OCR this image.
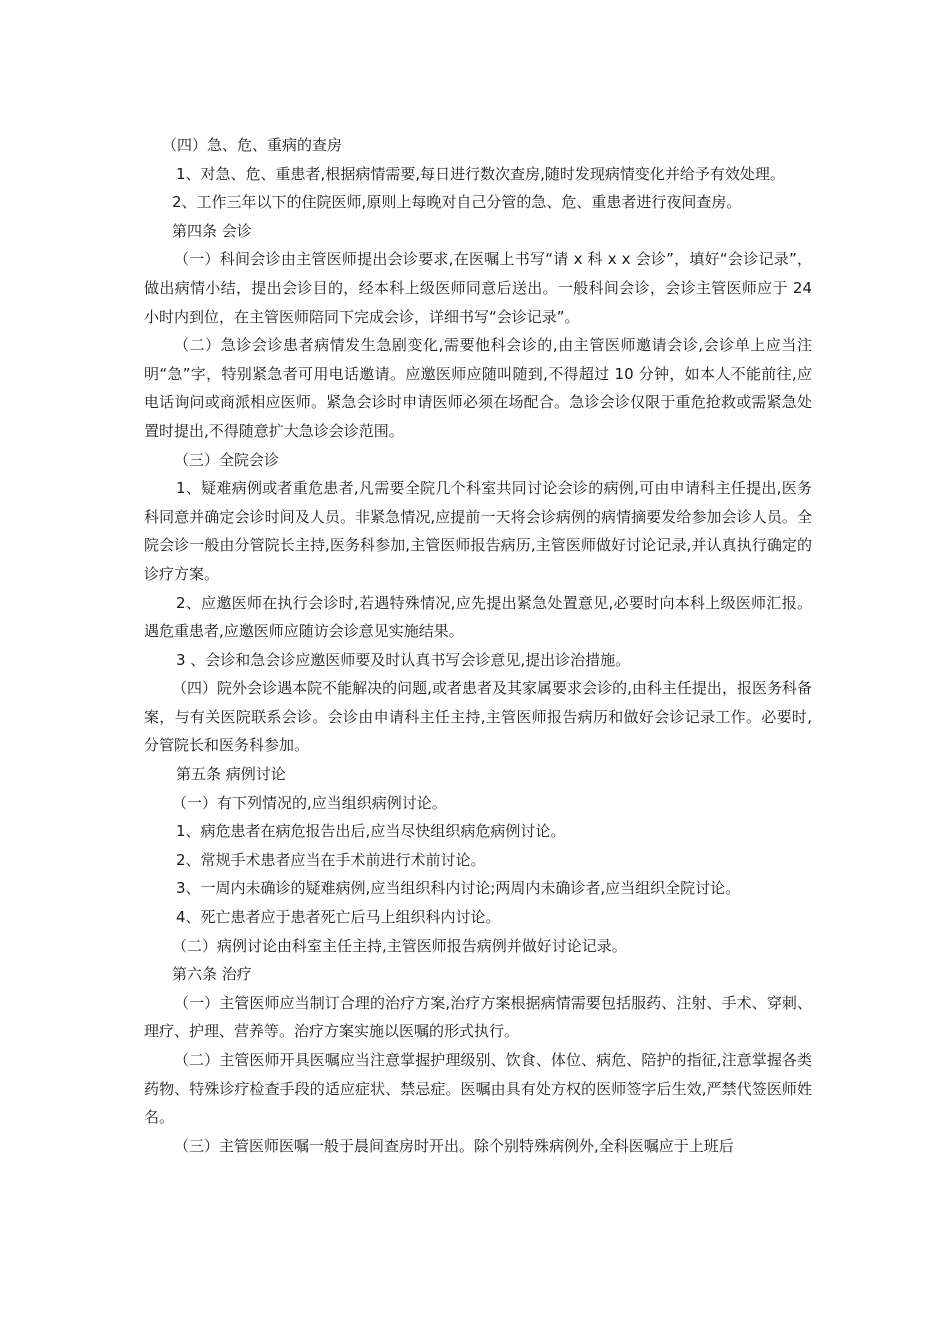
（四）急、危、重病的查房

1、对急、危、重患者,根据病情需要,每日进行数次查房,随时发现病情变化并给予有效处理。

2、工作三年以下的住院医师,原则上每晚对自己分管的急、危、重患者进行夜间查房。

第四条 会诊

（一）科间会诊由主管医师提出会诊要求,在医嘱上书写“请 x 科 x x 会诊”，填好“会诊记录”，做出病情小结，提出会诊目的，经本科上级医师同意后送出。一般科间会诊，会诊主管医师应于 24 小时内到位，在主管医师陪同下完成会诊，详细书写“会诊记录”。

（二）急诊会诊患者病情发生急剧变化,需要他科会诊的,由主管医师邀请会诊,会诊单上应当注明“急”字，特别紧急者可用电话邀请。应邀医师应随叫随到,不得超过 10 分钟，如本人不能前往,应电话询问或商派相应医师。紧急会诊时申请医师必须在场配合。急诊会诊仅限于重危抢救或需紧急处置时提出,不得随意扩大急诊会诊范围。

（三）全院会诊

1、疑难病例或者重危患者,凡需要全院几个科室共同讨论会诊的病例,可由申请科主任提出,医务科同意并确定会诊时间及人员。非紧急情况,应提前一天将会诊病例的病情摘要发给参加会诊人员。全院会诊一般由分管院长主持,医务科参加,主管医师报告病历,主管医师做好讨论记录,并认真执行确定的诊疗方案。

2、应邀医师在执行会诊时,若遇特殊情况,应先提出紧急处置意见,必要时向本科上级医师汇报。遇危重患者,应邀医师应随访会诊意见实施结果。

3 、会诊和急会诊应邀医师要及时认真书写会诊意见,提出诊治措施。

（四）院外会诊遇本院不能解决的问题,或者患者及其家属要求会诊的,由科主任提出，报医务科备案，与有关医院联系会诊。会诊由申请科主任主持,主管医师报告病历和做好会诊记录工作。必要时,分管院长和医务科参加。

第五条 病例讨论

（一）有下列情况的,应当组织病例讨论。

1、病危患者在病危报告出后,应当尽快组织病危病例讨论。

2、常规手术患者应当在手术前进行术前讨论。

3、一周内未确诊的疑难病例,应当组织科内讨论;两周内未确诊者,应当组织全院讨论。

4、死亡患者应于患者死亡后马上组织科内讨论。

（二）病例讨论由科室主任主持,主管医师报告病例并做好讨论记录。

第六条 治疗

（一）主管医师应当制订合理的治疗方案,治疗方案根据病情需要包括服药、注射、手术、穿刺、理疗、护理、营养等。治疗方案实施以医嘱的形式执行。

（二）主管医师开具医嘱应当注意掌握护理级别、饮食、体位、病危、陪护的指征,注意掌握各类药物、特殊诊疗检查手段的适应症状、禁忌症。医嘱由具有处方权的医师签字后生效,严禁代签医师姓名。

（三）主管医师医嘱一般于晨间查房时开出。除个别特殊病例外,全科医嘱应于上班后
